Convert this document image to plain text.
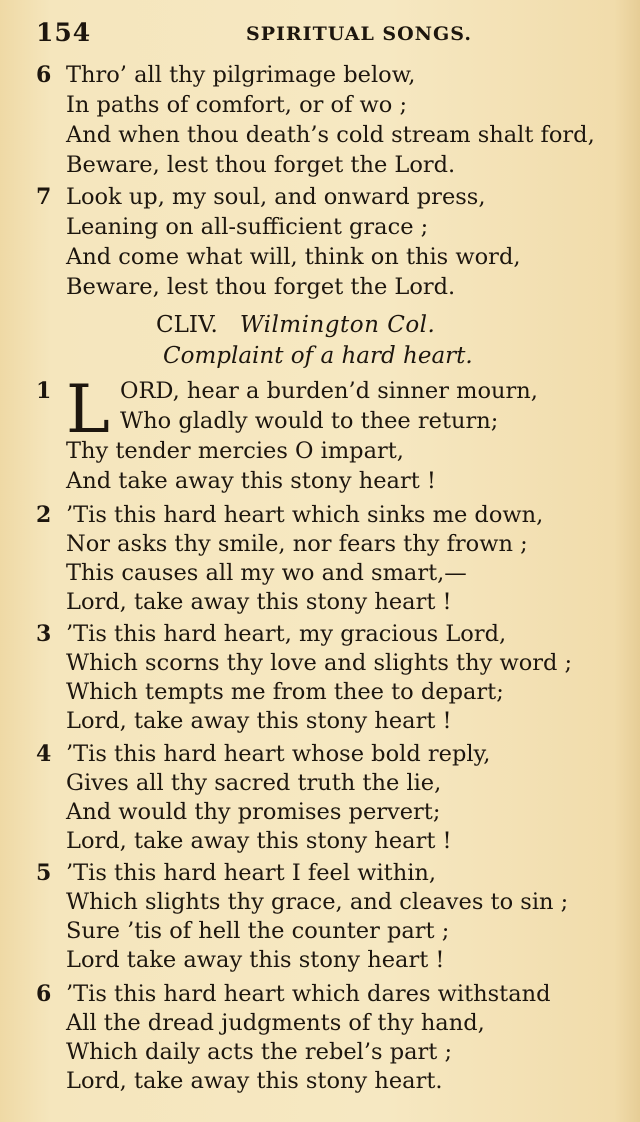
154	SPIRITUAL SONGS.
6 Thro’ all thy pilgrimage below,
In paths of comfort, or of wo ;
And when thou death’s cold stream shalt ford,
Beware, lest thou forget the Lord.
7 Look up, my soul, and onward press,
Leaning on all-sufficient grace ;
And come what will, think on this word,
Beware, lest thou forget the Lord.
CLIV. Wilmington Col.
Complaint of a hard heart.
1 L ORD, hear a burden’d sinner mourn,
Who gladly would to thee return;
Thy tender mercies O impart,
And take away this stony heart !
2 ’Tis this hard heart which sinks me down,
Nor asks thy smile, nor fears thy frown ;
This causes all my wo and smart,—
Lord, take away this stony heart !
3 ’Tis this hard heart, my gracious Lord,
Which scorns thy love and slights thy word ;
Which tempts me from thee to depart;
Lord, take away this stony heart !
4 ’Tis this hard heart whose bold reply,
Gives all thy sacred truth the lie,
And would thy promises pervert;
Lord, take away this stony heart !
5 ’Tis this hard heart I feel within,
Which slights thy grace, and cleaves to sin ;
Sure ’tis of hell the counter part ;
Lord take away this stony heart !
6 ’Tis this hard heart which dares withstand
All the dread judgments of thy hand,
Which daily acts the rebel’s part ;
Lord, take away this stony heart.
